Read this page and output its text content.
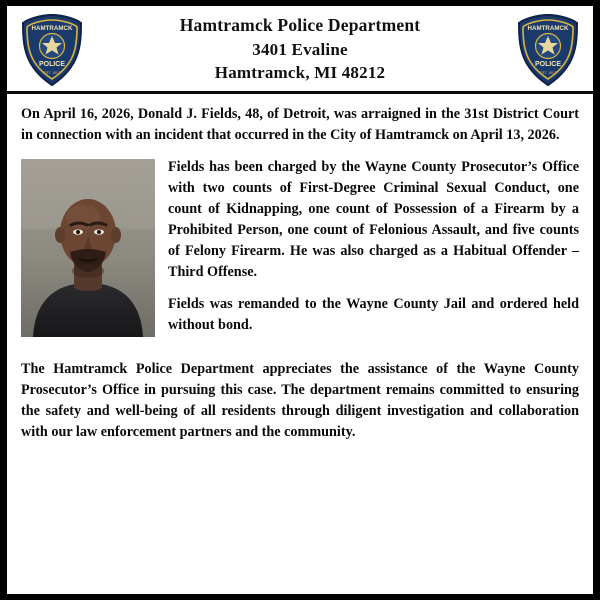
HAMTRAMCK
POLICE
EST 1922
Hamtramck Police Department
3401 Evaline
Hamtramck, MI 48212
HAMTRAMCK
POLICE
EST 1922

On April 16, 2026, Donald J. Fields, 48, of Detroit, was arraigned in the 31st District Court in connection with an incident that occurred in the City of Hamtramck on April 13, 2026.

Fields has been charged by the Wayne County Prosecutor’s Office with two counts of First-Degree Criminal Sexual Conduct, one count of Kidnapping, one count of Possession of a Firearm by a Prohibited Person, one count of Felonious Assault, and five counts of Felony Firearm. He was also charged as a Habitual Offender – Third Offense.

Fields was remanded to the Wayne County Jail and ordered held without bond.

The Hamtramck Police Department appreciates the assistance of the Wayne County Prosecutor’s Office in pursuing this case. The department remains committed to ensuring the safety and well-being of all residents through diligent investigation and collaboration with our law enforcement partners and the community.
